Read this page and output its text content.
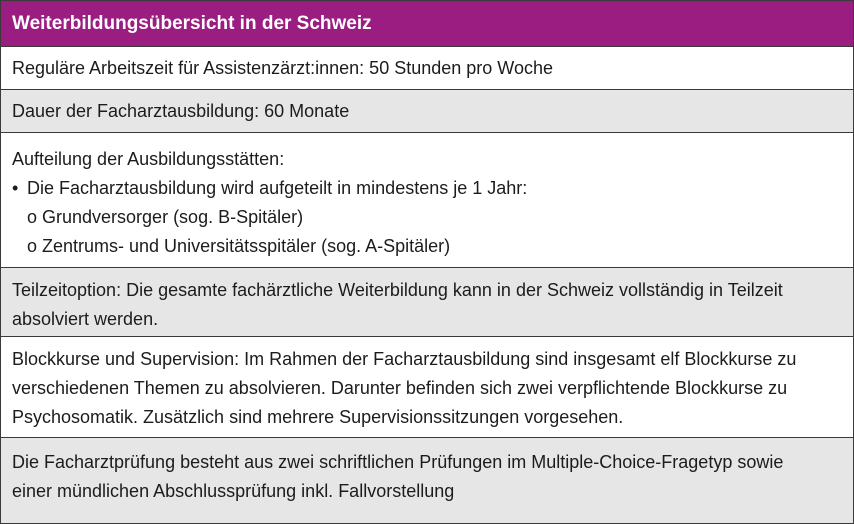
Weiterbildungsübersicht in der Schweiz
Reguläre Arbeitszeit für Assistenzärzt:innen: 50 Stunden pro Woche
Dauer der Facharztausbildung: 60 Monate
Aufteilung der Ausbildungsstätten:
• Die Facharztausbildung wird aufgeteilt in mindestens je 1 Jahr:
o Grundversorger (sog. B-Spitäler)
o Zentrums- und Universitätsspitäler (sog. A-Spitäler)
Teilzeitoption: Die gesamte fachärztliche Weiterbildung kann in der Schweiz vollständig in Teilzeit
absolviert werden.
Blockkurse und Supervision: Im Rahmen der Facharztausbildung sind insgesamt elf Blockkurse zu
verschiedenen Themen zu absolvieren. Darunter befinden sich zwei verpflichtende Blockkurse zu
Psychosomatik. Zusätzlich sind mehrere Supervisionssitzungen vorgesehen.
Die Facharztprüfung besteht aus zwei schriftlichen Prüfungen im Multiple-Choice-Fragetyp sowie
einer mündlichen Abschlussprüfung inkl. Fallvorstellung
